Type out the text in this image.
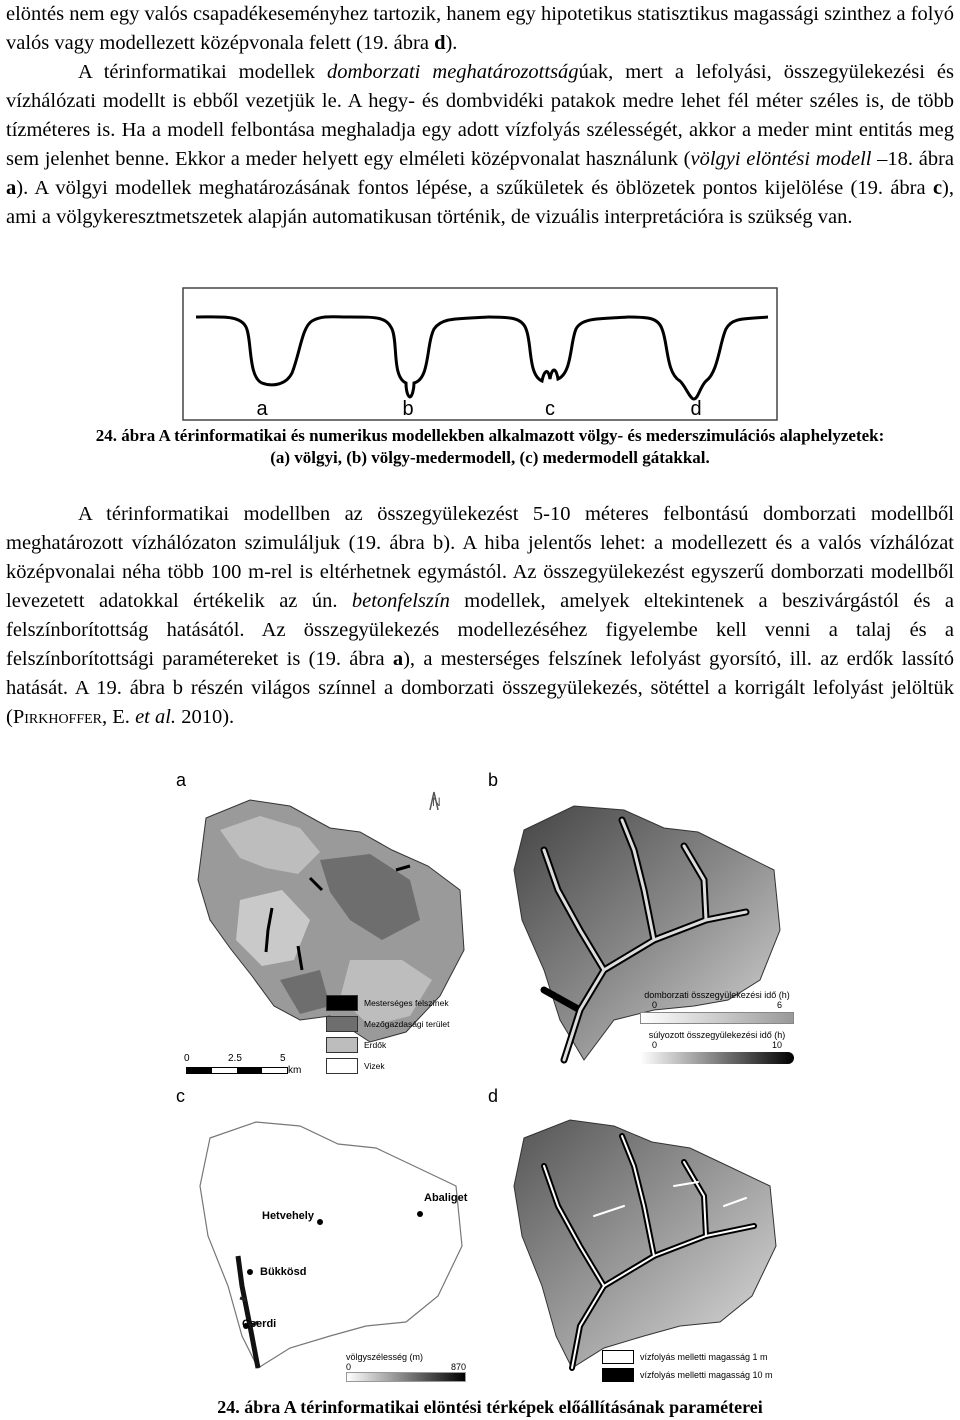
elöntés nem egy valós csapadékeseményhez tartozik, hanem egy hipotetikus statisztikus magassági szinthez a folyó valós vagy modellezett középvonala felett (19. ábra d).

A térinformatikai modellek domborzati meghatározottságúak, mert a lefolyási, összegyülekezési és vízhálózati modellt is ebből vezetjük le. A hegy- és dombvidéki patakok medre lehet fél méter széles is, de több tízméteres is. Ha a modell felbontása meghaladja egy adott vízfolyás szélességét, akkor a meder mint entitás meg sem jelenhet benne. Ekkor a meder helyett egy elméleti középvonalat használunk (völgyi elöntési modell –18. ábra a). A völgyi modellek meghatározásának fontos lépése, a szűkületek és öblözetek pontos kijelölése (19. ábra c), ami a völgykeresztmetszetek alapján automatikusan történik, de vizuális interpretációra is szükség van.

a	b	c	d
24. ábra A térinformatikai és numerikus modellekben alkalmazott völgy- és mederszimulációs alaphelyzetek: (a) völgyi, (b) völgy-medermodell, (c) medermodell gátakkal.

A térinformatikai modellben az összegyülekezést 5-10 méteres felbontású domborzati modellből meghatározott vízhálózaton szimuláljuk (19. ábra b). A hiba jelentős lehet: a modellezett és a valós vízhálózat középvonalai néha több 100 m-rel is eltérhetnek egymástól. Az összegyülekezést egyszerű domborzati modellből levezetett adatokkal értékelik az ún. betonfelszín modellek, amelyek eltekintenek a beszivárgástól és a felszínborítottság hatásától. Az összegyülekezés modellezéséhez figyelembe kell venni a talaj és a felszínborítottsági paramétereket is (19. ábra a), a mesterséges felszínek lefolyást gyorsító, ill. az erdők lassító hatását. A 19. ábra b részén világos színnel a domborzati összegyülekezés, sötéttel a korrigált lefolyást jelöltük (Pirkhoffer, E. et al. 2010).

a
N
Mesterséges felszínek
Mezőgazdasági terület
Erdők
Vizek
0	2.5	5
km
b
domborzati összegyülekezési idő (h)
0	6
súlyozott összegyülekezési idő (h)
0	10
c
Abaliget
Hetvehely
Bükkösd
Cserdi
völgyszélesség (m)
0	870
d
vízfolyás melletti magasság 1 m
vízfolyás melletti magasság 10 m
24. ábra A térinformatikai elöntési térképek előállításának paraméterei
